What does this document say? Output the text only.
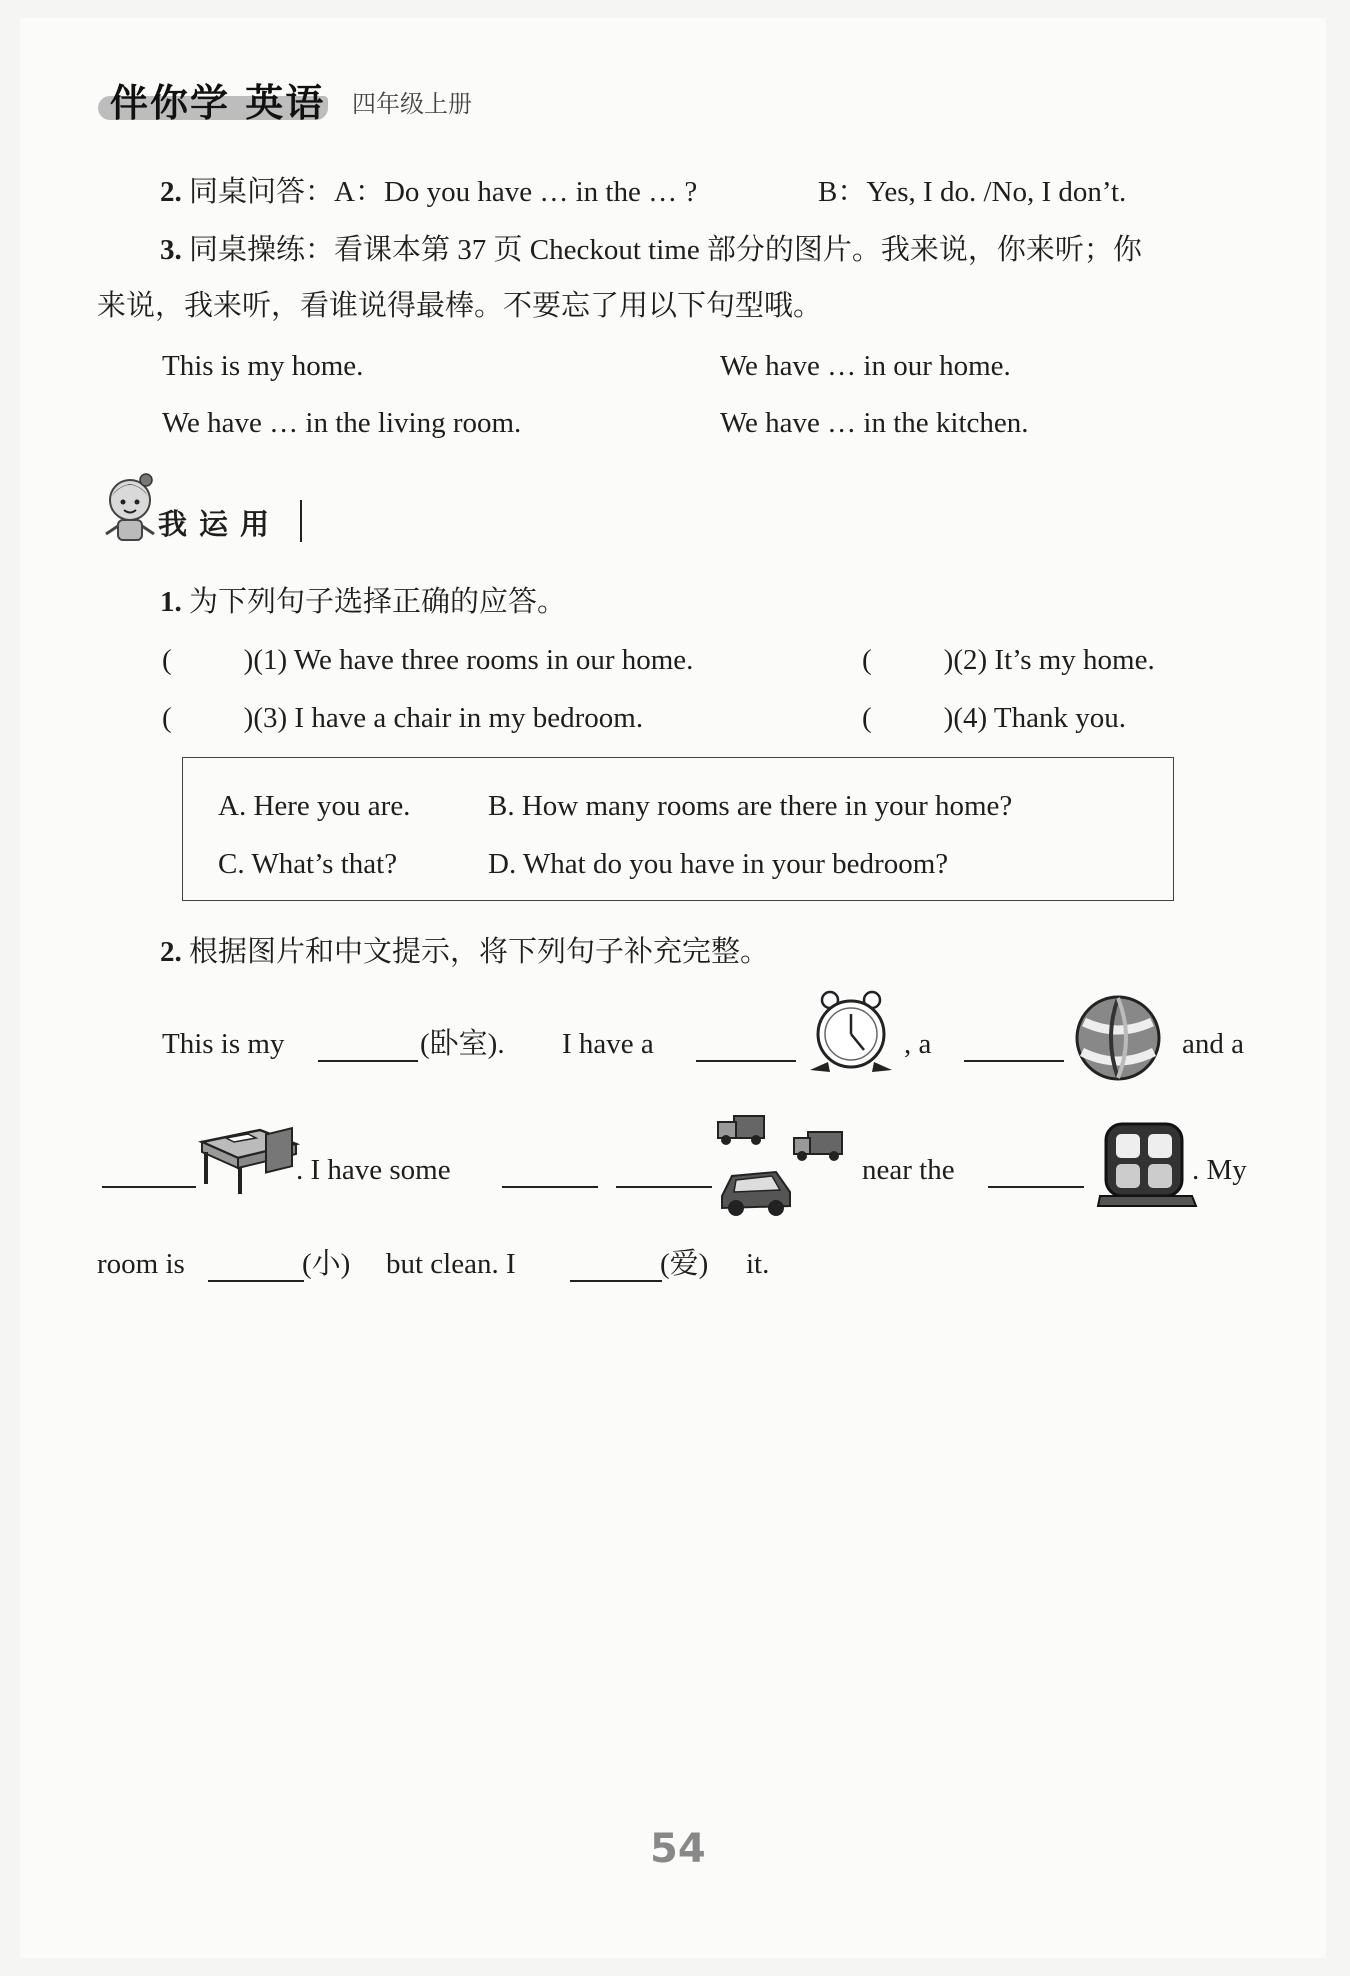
伴你学 英语 四年级上册
2. 同桌问答：A：Do you have … in the … ?	B：Yes, I do. /No, I don’t.
3. 同桌操练：看课本第 37 页 Checkout time 部分的图片。我来说，你来听；你
来说，我来听，看谁说得最棒。不要忘了用以下句型哦。
This is my home.	We have … in our home.
We have … in the living room.	We have … in the kitchen.
我运用
1. 为下列句子选择正确的应答。
( )(1) We have three rooms in our home.	( )(2) It’s my home.
( )(3) I have a chair in my bedroom.	( )(4) Thank you.
A. Here you are.	B. How many rooms are there in your home?
C. What’s that?	D. What do you have in your bedroom?
2. 根据图片和中文提示，将下列句子补充完整。
This is my	(卧室). I have a	, a	and a
. I have some	near the	. My
room is	(小) but clean. I	(爱) it.
54
